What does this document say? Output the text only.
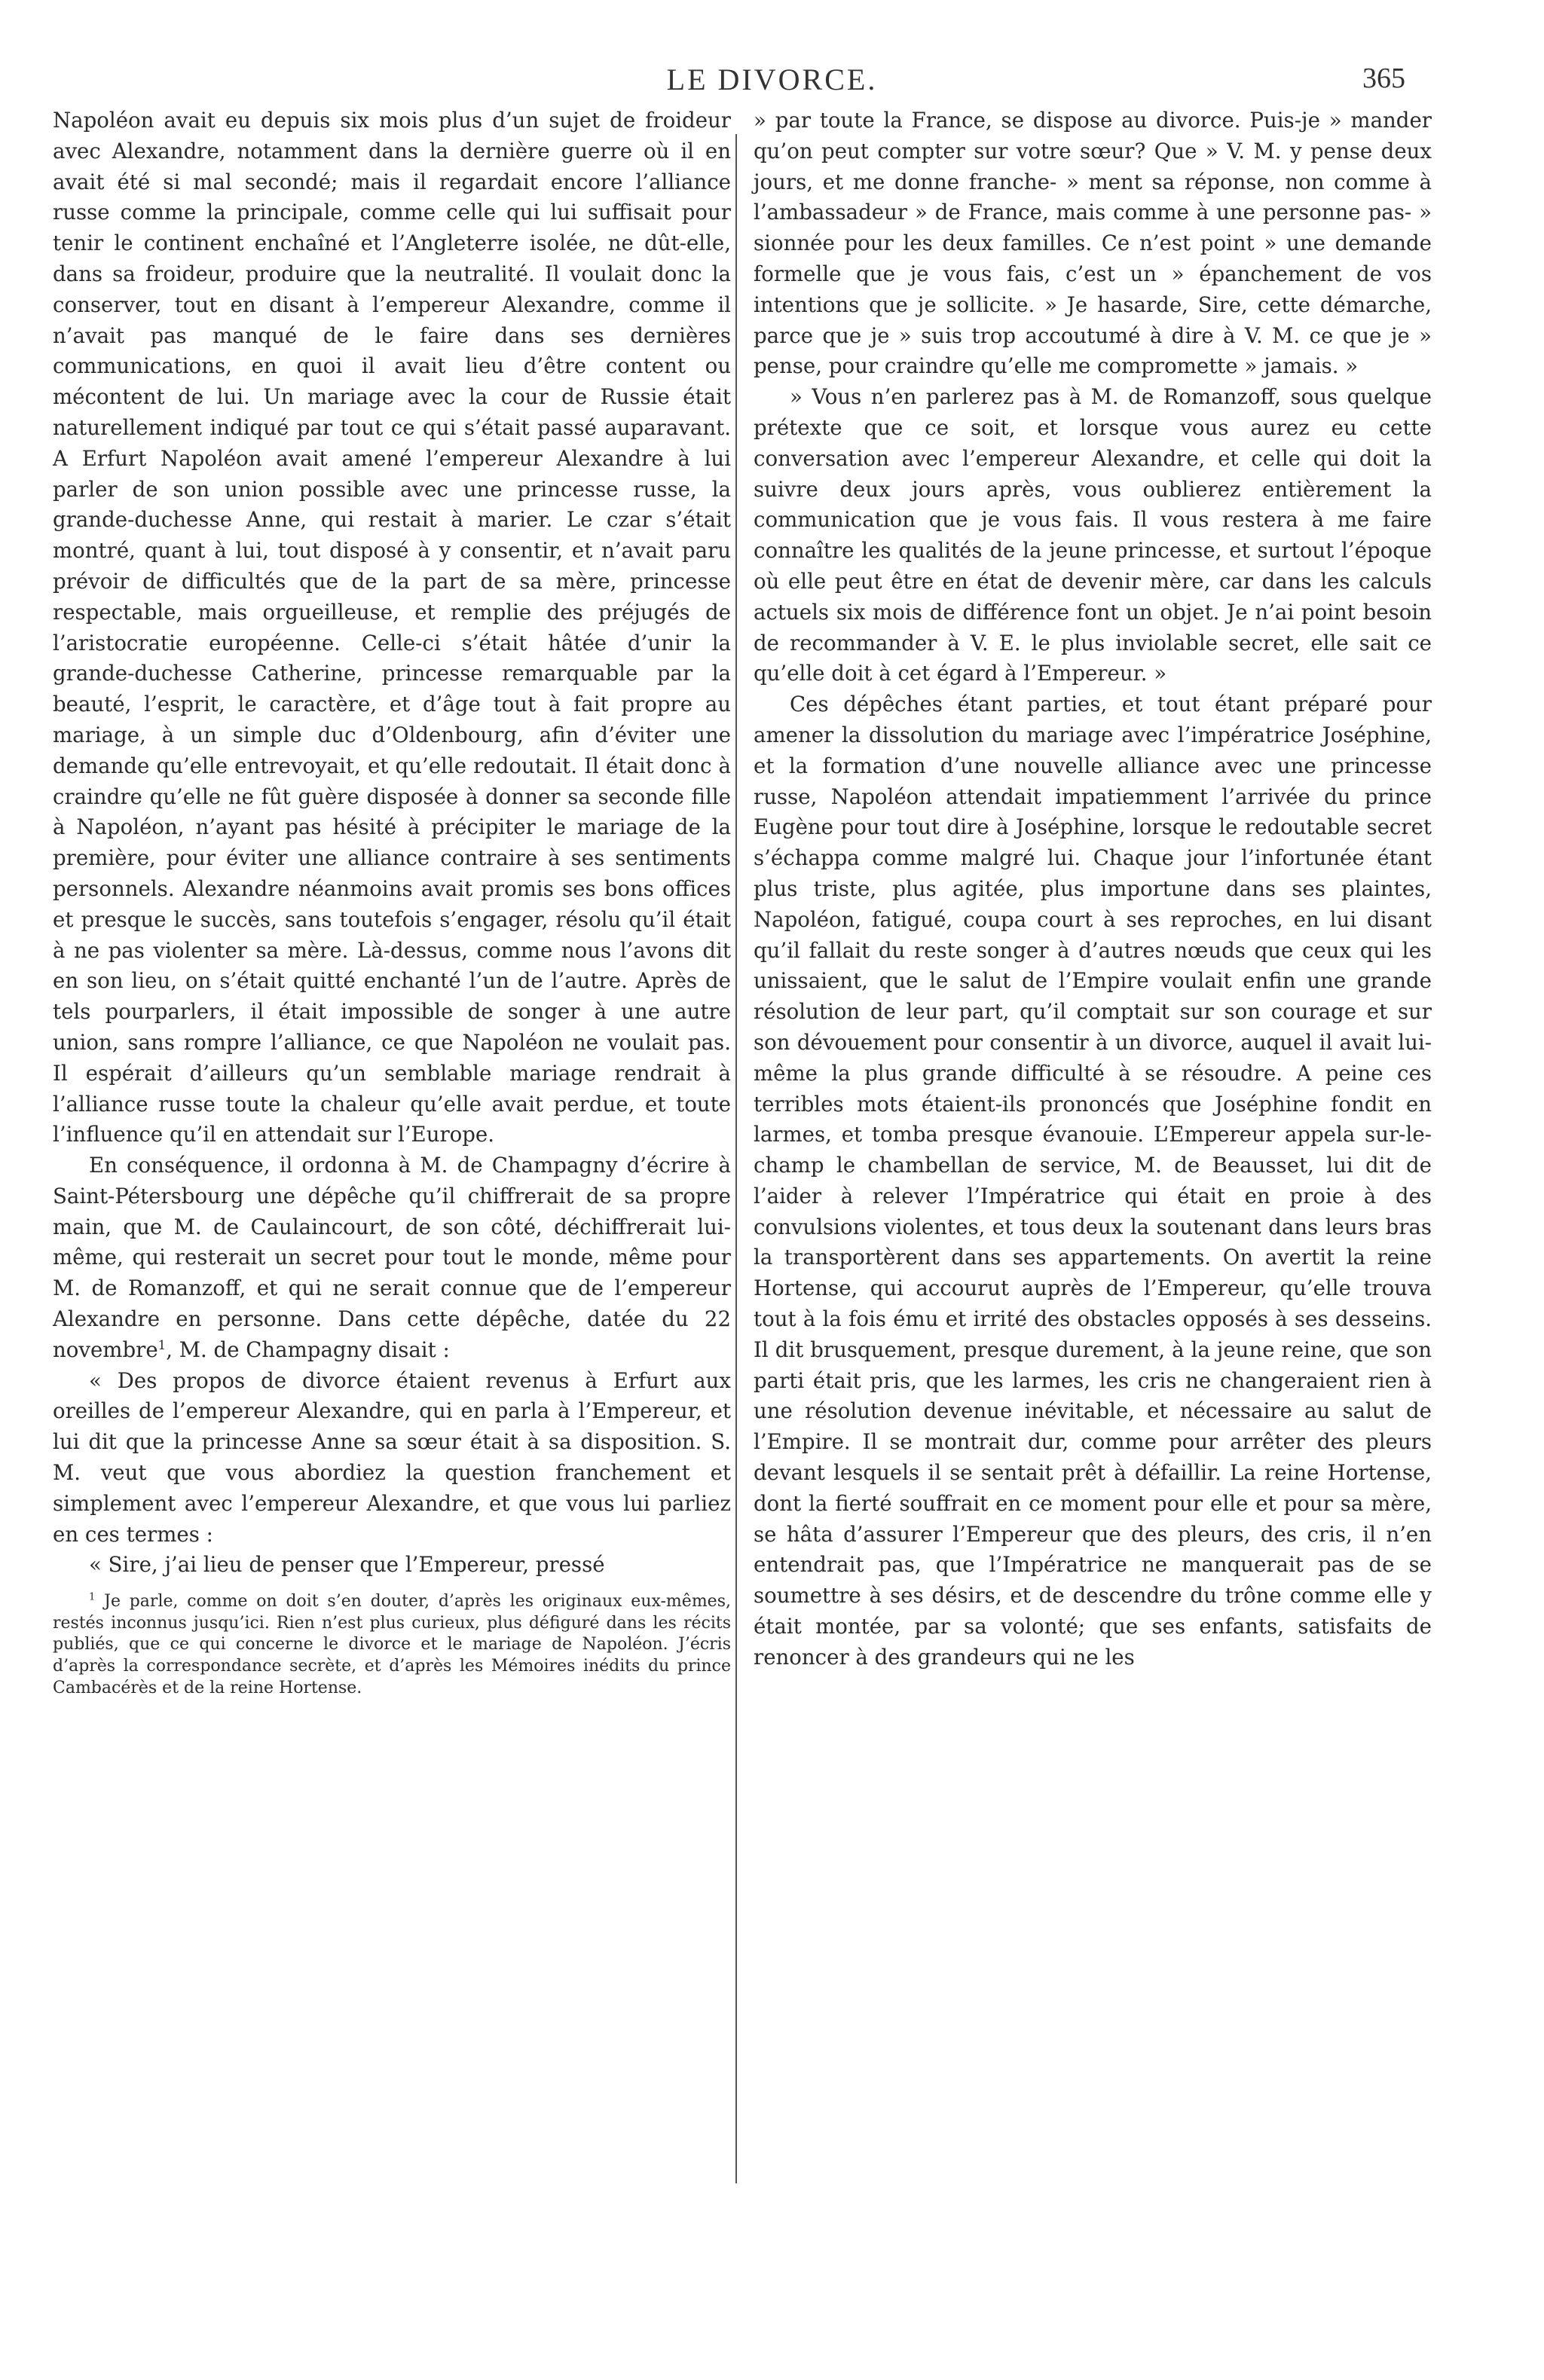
LE DIVORCE.	365

Napoléon avait eu depuis six mois plus d’un sujet de froideur avec Alexandre, notamment dans la dernière guerre où il en avait été si mal secondé; mais il regardait encore l’alliance russe comme la principale, comme celle qui lui suffisait pour tenir le continent enchaîné et l’Angleterre isolée, ne dût-elle, dans sa froideur, produire que la neutralité. Il voulait donc la conserver, tout en disant à l’empereur Alexandre, comme il n’avait pas manqué de le faire dans ses dernières communications, en quoi il avait lieu d’être content ou mécontent de lui. Un mariage avec la cour de Russie était naturellement indiqué par tout ce qui s’était passé auparavant. A Erfurt Napoléon avait amené l’empereur Alexandre à lui parler de son union possible avec une princesse russe, la grande-duchesse Anne, qui restait à marier. Le czar s’était montré, quant à lui, tout disposé à y consentir, et n’avait paru prévoir de difficultés que de la part de sa mère, princesse respectable, mais orgueilleuse, et remplie des préjugés de l’aristocratie européenne. Celle-ci s’était hâtée d’unir la grande-duchesse Catherine, princesse remarquable par la beauté, l’esprit, le caractère, et d’âge tout à fait propre au mariage, à un simple duc d’Oldenbourg, afin d’éviter une demande qu’elle entrevoyait, et qu’elle redoutait. Il était donc à craindre qu’elle ne fût guère disposée à donner sa seconde fille à Napoléon, n’ayant pas hésité à précipiter le mariage de la première, pour éviter une alliance contraire à ses sentiments personnels. Alexandre néanmoins avait promis ses bons offices et presque le succès, sans toutefois s’engager, résolu qu’il était à ne pas violenter sa mère. Là-dessus, comme nous l’avons dit en son lieu, on s’était quitté enchanté l’un de l’autre. Après de tels pourparlers, il était impossible de songer à une autre union, sans rompre l’alliance, ce que Napoléon ne voulait pas. Il espérait d’ailleurs qu’un semblable mariage rendrait à l’alliance russe toute la chaleur qu’elle avait perdue, et toute l’influence qu’il en attendait sur l’Europe.

En conséquence, il ordonna à M. de Champagny d’écrire à Saint-Pétersbourg une dépêche qu’il chiffrerait de sa propre main, que M. de Caulaincourt, de son côté, déchiffrerait lui-même, qui resterait un secret pour tout le monde, même pour M. de Romanzoff, et qui ne serait connue que de l’empereur Alexandre en personne. Dans cette dépêche, datée du 22 novembre$^1$, M. de Champagny disait :

« Des propos de divorce étaient revenus à Erfurt aux oreilles de l’empereur Alexandre, qui en parla à l’Empereur, et lui dit que la princesse Anne sa sœur était à sa disposition. S. M. veut que vous abordiez la question franchement et simplement avec l’empereur Alexandre, et que vous lui parliez en ces termes :

« Sire, j’ai lieu de penser que l’Empereur, pressé

$^1$ Je parle, comme on doit s’en douter, d’après les originaux eux-mêmes, restés inconnus jusqu’ici. Rien n’est plus curieux, plus défiguré dans les récits publiés, que ce qui concerne le divorce et le mariage de Napoléon. J’écris d’après la correspondance secrète, et d’après les Mémoires inédits du prince Cambacérès et de la reine Hortense.

» par toute la France, se dispose au divorce. Puis-je » mander qu’on peut compter sur votre sœur? Que » V. M. y pense deux jours, et me donne franche- » ment sa réponse, non comme à l’ambassadeur » de France, mais comme à une personne pas- » sionnée pour les deux familles. Ce n’est point » une demande formelle que je vous fais, c’est un » épanchement de vos intentions que je sollicite. » Je hasarde, Sire, cette démarche, parce que je » suis trop accoutumé à dire à V. M. ce que je » pense, pour craindre qu’elle me compromette » jamais. »

» Vous n’en parlerez pas à M. de Romanzoff, sous quelque prétexte que ce soit, et lorsque vous aurez eu cette conversation avec l’empereur Alexandre, et celle qui doit la suivre deux jours après, vous oublierez entièrement la communication que je vous fais. Il vous restera à me faire connaître les qualités de la jeune princesse, et surtout l’époque où elle peut être en état de devenir mère, car dans les calculs actuels six mois de différence font un objet. Je n’ai point besoin de recommander à V. E. le plus inviolable secret, elle sait ce qu’elle doit à cet égard à l’Empereur. »

Ces dépêches étant parties, et tout étant préparé pour amener la dissolution du mariage avec l’impératrice Joséphine, et la formation d’une nouvelle alliance avec une princesse russe, Napoléon attendait impatiemment l’arrivée du prince Eugène pour tout dire à Joséphine, lorsque le redoutable secret s’échappa comme malgré lui. Chaque jour l’infortunée étant plus triste, plus agitée, plus importune dans ses plaintes, Napoléon, fatigué, coupa court à ses reproches, en lui disant qu’il fallait du reste songer à d’autres nœuds que ceux qui les unissaient, que le salut de l’Empire voulait enfin une grande résolution de leur part, qu’il comptait sur son courage et sur son dévouement pour consentir à un divorce, auquel il avait lui-même la plus grande difficulté à se résoudre. A peine ces terribles mots étaient-ils prononcés que Joséphine fondit en larmes, et tomba presque évanouie. L’Empereur appela sur-le-champ le chambellan de service, M. de Beausset, lui dit de l’aider à relever l’Impératrice qui était en proie à des convulsions violentes, et tous deux la soutenant dans leurs bras la transportèrent dans ses appartements. On avertit la reine Hortense, qui accourut auprès de l’Empereur, qu’elle trouva tout à la fois ému et irrité des obstacles opposés à ses desseins. Il dit brusquement, presque durement, à la jeune reine, que son parti était pris, que les larmes, les cris ne changeraient rien à une résolution devenue inévitable, et nécessaire au salut de l’Empire. Il se montrait dur, comme pour arrêter des pleurs devant lesquels il se sentait prêt à défaillir. La reine Hortense, dont la fierté souffrait en ce moment pour elle et pour sa mère, se hâta d’assurer l’Empereur que des pleurs, des cris, il n’en entendrait pas, que l’Impératrice ne manquerait pas de se soumettre à ses désirs, et de descendre du trône comme elle y était montée, par sa volonté; que ses enfants, satisfaits de renoncer à des grandeurs qui ne les
